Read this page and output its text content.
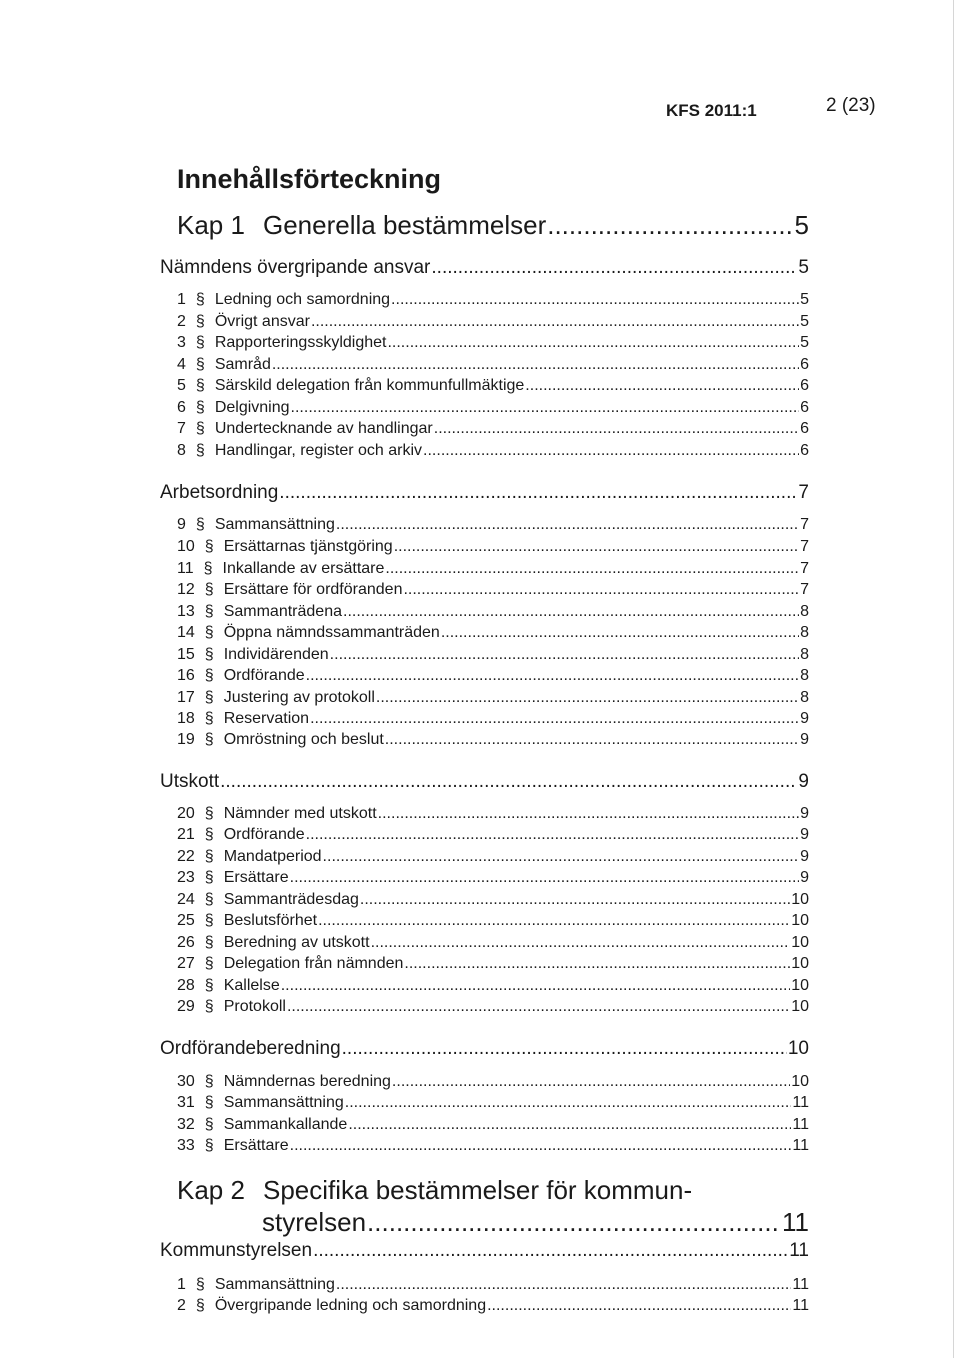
KFS 2011:1	2 (23)
Innehållsförteckning
Kap 1 Generella bestämmelser .....	5
Nämndens övergripande ansvar .....	5
1 § Ledning och samordning .....	5
2 § Övrigt ansvar .....	5
3 § Rapporteringsskyldighet .....	5
4 § Samråd .....	6
5 § Särskild delegation från kommunfullmäktige .....	6
6 § Delgivning .....	6
7 § Undertecknande av handlingar .....	6
8 § Handlingar, register och arkiv .....	6
Arbetsordning .....	7
9 § Sammansättning .....	7
10 § Ersättarnas tjänstgöring .....	7
11 § Inkallande av ersättare .....	7
12 § Ersättare för ordföranden .....	7
13 § Sammanträdena .....	8
14 § Öppna nämndssammanträden .....	8
15 § Individärenden .....	8
16 § Ordförande .....	8
17 § Justering av protokoll .....	8
18 § Reservation .....	9
19 § Omröstning och beslut .....	9
Utskott .....	9
20 § Nämnder med utskott .....	9
21 § Ordförande .....	9
22 § Mandatperiod .....	9
23 § Ersättare .....	9
24 § Sammanträdesdag .....	10
25 § Beslutsförhet .....	10
26 § Beredning av utskott .....	10
27 § Delegation från nämnden .....	10
28 § Kallelse .....	10
29 § Protokoll .....	10
Ordförandeberedning .....	10
30 § Nämndernas beredning .....	10
31 § Sammansättning .....	11
32 § Sammankallande .....	11
33 § Ersättare .....	11
Kap 2 Specifika bestämmelser för kommun-
styrelsen .....	11
Kommunstyrelsen .....	11
1 § Sammansättning .....	11
2 § Övergripande ledning och samordning .....	11
